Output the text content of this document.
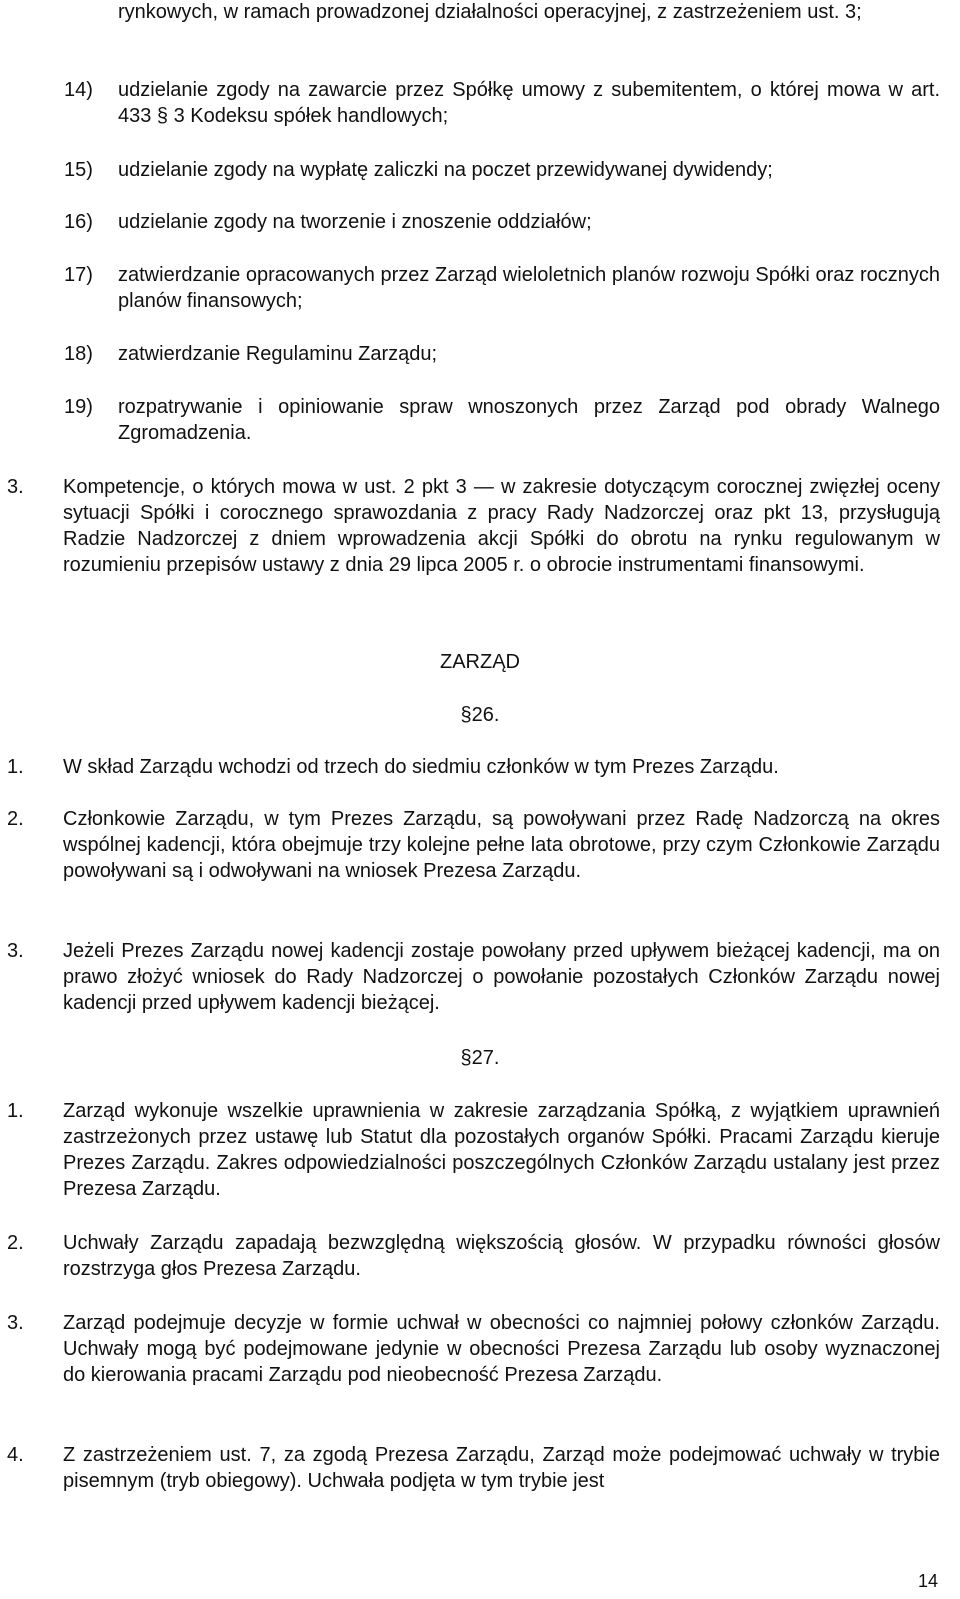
rynkowych, w ramach prowadzonej działalności operacyjnej, z zastrzeżeniem ust. 3;

14) udzielanie zgody na zawarcie przez Spółkę umowy z subemitentem, o której mowa w art. 433 § 3 Kodeksu spółek handlowych;
15) udzielanie zgody na wypłatę zaliczki na poczet przewidywanej dywidendy;
16) udzielanie zgody na tworzenie i znoszenie oddziałów;
17) zatwierdzanie opracowanych przez Zarząd wieloletnich planów rozwoju Spółki oraz rocznych planów finansowych;
18) zatwierdzanie Regulaminu Zarządu;
19) rozpatrywanie i opiniowanie spraw wnoszonych przez Zarząd pod obrady Walnego Zgromadzenia.
3. Kompetencje, o których mowa w ust. 2 pkt 3 — w zakresie dotyczącym corocznej zwięzłej oceny sytuacji Spółki i corocznego sprawozdania z pracy Rady Nadzorczej oraz pkt 13, przysługują Radzie Nadzorczej z dniem wprowadzenia akcji Spółki do obrotu na rynku regulowanym w rozumieniu przepisów ustawy z dnia 29 lipca 2005 r. o obrocie instrumentami finansowymi.
ZARZĄD
§26.
1. W skład Zarządu wchodzi od trzech do siedmiu członków w tym Prezes Zarządu.
2. Członkowie Zarządu, w tym Prezes Zarządu, są powoływani przez Radę Nadzorczą na okres wspólnej kadencji, która obejmuje trzy kolejne pełne lata obrotowe, przy czym Członkowie Zarządu powoływani są i odwoływani na wniosek Prezesa Zarządu.
3. Jeżeli Prezes Zarządu nowej kadencji zostaje powołany przed upływem bieżącej kadencji, ma on prawo złożyć wniosek do Rady Nadzorczej o powołanie pozostałych Członków Zarządu nowej kadencji przed upływem kadencji bieżącej.
§27.
1. Zarząd wykonuje wszelkie uprawnienia w zakresie zarządzania Spółką, z wyjątkiem uprawnień zastrzeżonych przez ustawę lub Statut dla pozostałych organów Spółki. Pracami Zarządu kieruje Prezes Zarządu. Zakres odpowiedzialności poszczególnych Członków Zarządu ustalany jest przez Prezesa Zarządu.
2. Uchwały Zarządu zapadają bezwzględną większością głosów. W przypadku równości głosów rozstrzyga głos Prezesa Zarządu.
3. Zarząd podejmuje decyzje w formie uchwał w obecności co najmniej połowy członków Zarządu. Uchwały mogą być podejmowane jedynie w obecności Prezesa Zarządu lub osoby wyznaczonej do kierowania pracami Zarządu pod nieobecność Prezesa Zarządu.
4. Z zastrzeżeniem ust. 7, za zgodą Prezesa Zarządu, Zarząd może podejmować uchwały w trybie pisemnym (tryb obiegowy). Uchwała podjęta w tym trybie jest
14
